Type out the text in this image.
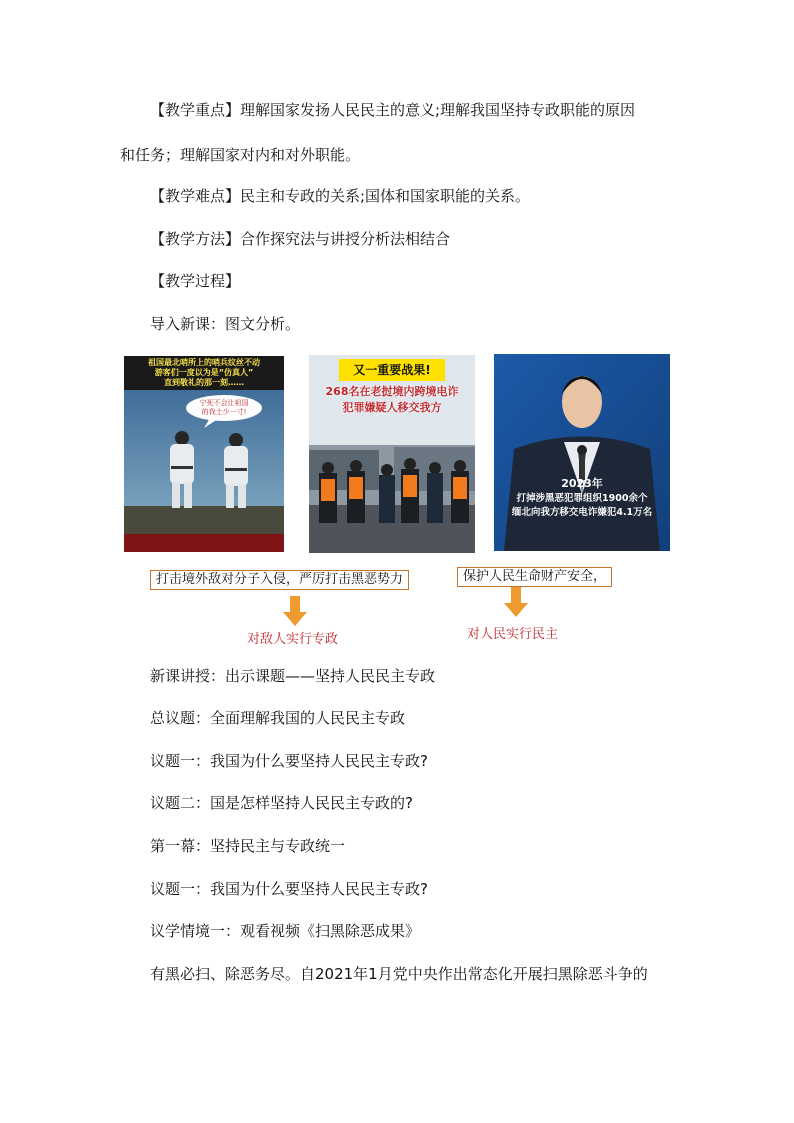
【教学重点】理解国家发扬人民民主的意义;理解我国坚持专政职能的原因
和任务；理解国家对内和对外职能。
【教学难点】民主和专政的关系;国体和国家职能的关系。
【教学方法】合作探究法与讲授分析法相结合
【教学过程】
导入新课：图文分析。
祖国最北哨所上的哨兵纹丝不动
游客们一度以为是“仿真人”
直到敬礼的那一刻……
宁死不会让祖国
的我土少一寸!
又一重要战果!
268名在老挝境内跨境电诈
犯罪嫌疑人移交我方
2023年
打掉涉黑恶犯罪组织1900余个
缅北向我方移交电诈嫌犯4.1万名
打击境外敌对分子入侵，严厉打击黑恶势力	保护人民生命财产安全，
对敌人实行专政	对人民实行民主
新课讲授：出示课题——坚持人民民主专政
总议题：全面理解我国的人民民主专政
议题一：我国为什么要坚持人民民主专政?
议题二：国是怎样坚持人民民主专政的?
第一幕：坚持民主与专政统一
议题一：我国为什么要坚持人民民主专政?
议学情境一：观看视频《扫黑除恶成果》
有黑必扫、除恶务尽。自2021年1月党中央作出常态化开展扫黑除恶斗争的
